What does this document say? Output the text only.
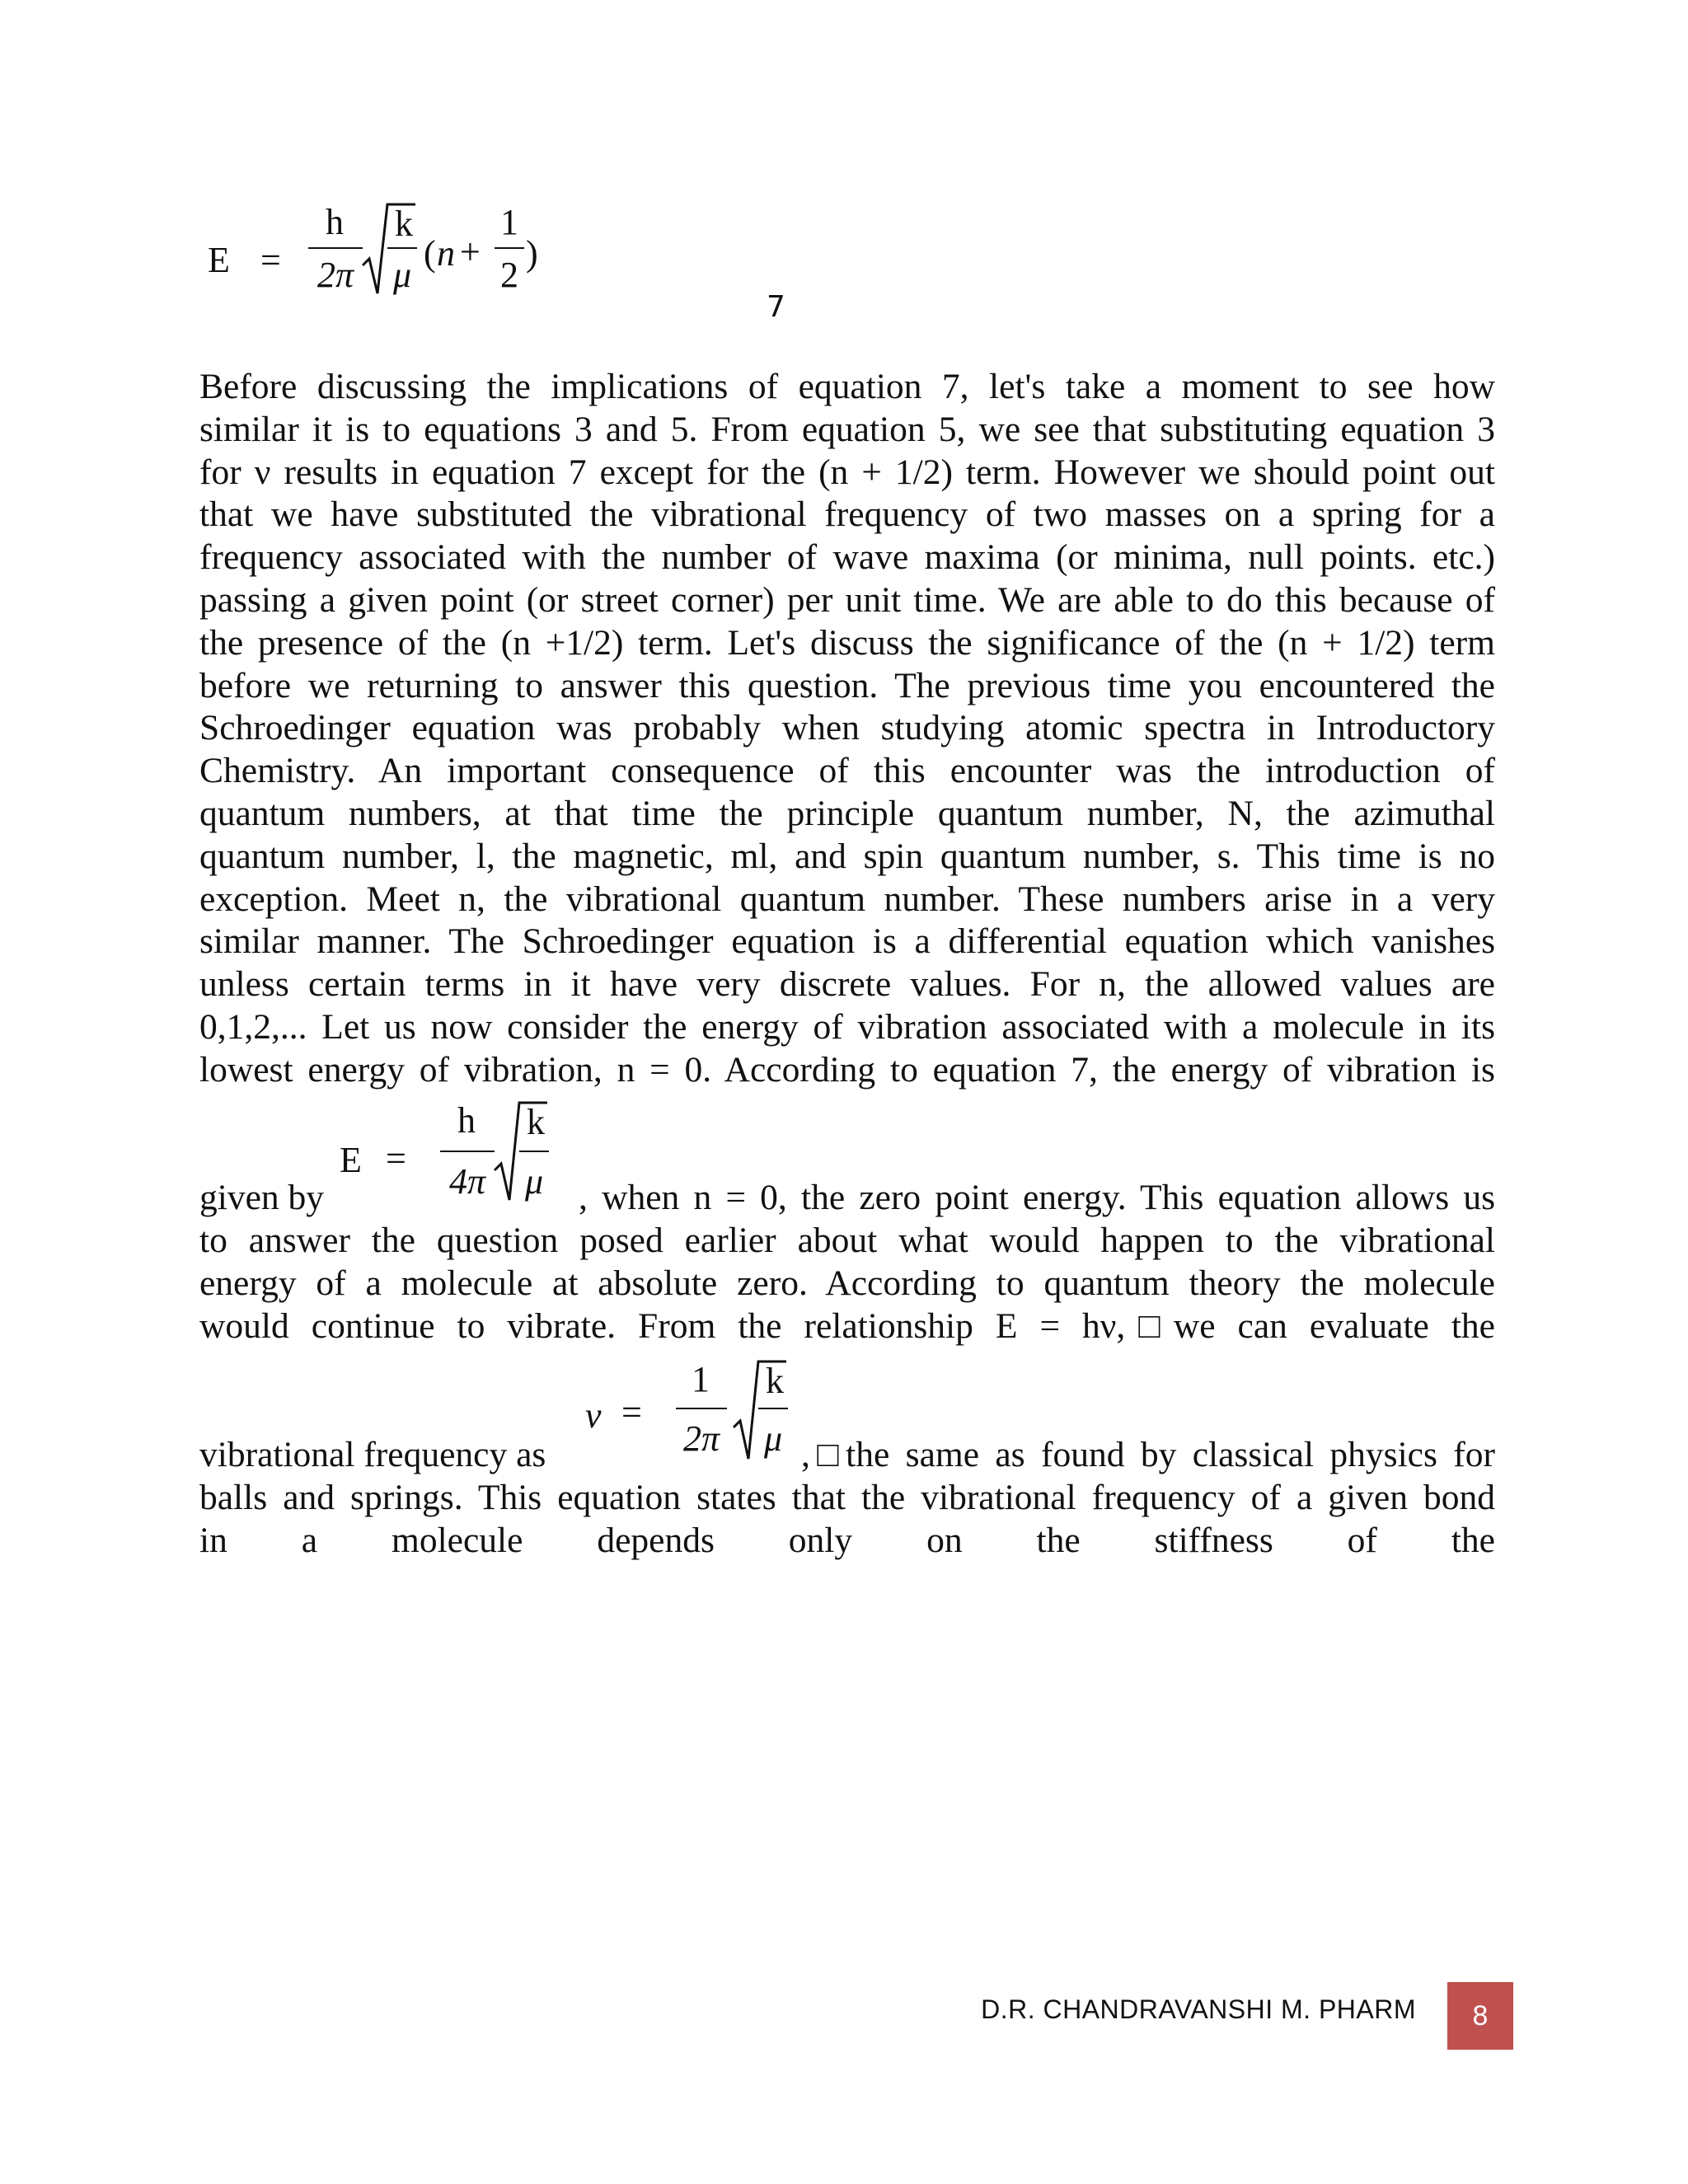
E =
h
2π
k
μ
( n +
1
2
)
7
Before discussing the implications of equation 7, let's take a moment to see how
similar it is to equations 3 and 5. From equation 5, we see that substituting equation 3
for ν results in equation 7 except for the (n + 1/2) term. However we should point out
that we have substituted the vibrational frequency of two masses on a spring for a
frequency associated with the number of wave maxima (or minima, null points. etc.)
passing a given point (or street corner) per unit time. We are able to do this because of
the presence of the (n +1/2) term. Let's discuss the significance of the (n + 1/2) term
before we returning to answer this question. The previous time you encountered the
Schroedinger equation was probably when studying atomic spectra in Introductory
Chemistry. An important consequence of this encounter was the introduction of
quantum numbers, at that time the principle quantum number, N, the azimuthal
quantum number, l, the magnetic, ml, and spin quantum number, s. This time is no
exception. Meet n, the vibrational quantum number. These numbers arise in a very
similar manner. The Schroedinger equation is a differential equation which vanishes
unless certain terms in it have very discrete values. For n, the allowed values are
0,1,2,... Let us now consider the energy of vibration associated with a molecule in its
lowest energy of vibration, n = 0. According to equation 7, the energy of vibration is
E =
h
4π
k
μ
given by	, when n = 0, the zero point energy. This equation allows us
to answer the question posed earlier about what would happen to the vibrational
energy of a molecule at absolute zero. According to quantum theory the molecule
would continue to vibrate. From the relationship E = hν,□we can evaluate the
ν =
1
2π
k
μ
vibrational frequency as	,□the same as found by classical physics for
balls and springs. This equation states that the vibrational frequency of a given bond
in a molecule depends only on the stiffness of the
D.R. CHANDRAVANSHI M. PHARM 8
